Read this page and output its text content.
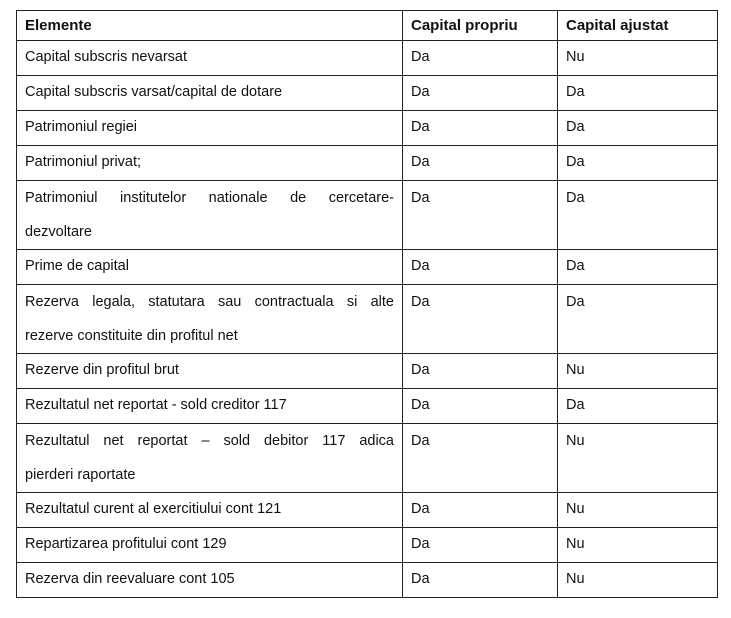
Elemente	Capital propriu	Capital ajustat
Capital subscris nevarsat	Da	Nu
Capital subscris varsat/capital de dotare	Da	Da
Patrimoniul regiei	Da	Da
Patrimoniul privat;	Da	Da

Patrimoniul institutelor nationale de cercetare-
dezvoltare	Da	Da
Prime de capital	Da	Da

Rezerva legala, statutara sau contractuala si alte
rezerve constituite din profitul net	Da	Da
Rezerve din profitul brut	Da	Nu
Rezultatul net reportat - sold creditor 117	Da	Da

Rezultatul net reportat – sold debitor 117 adica
pierderi raportate	Da	Nu
Rezultatul curent al exercitiului cont 121	Da	Nu
Repartizarea profitului cont 129	Da	Nu
Rezerva din reevaluare cont 105	Da	Nu
